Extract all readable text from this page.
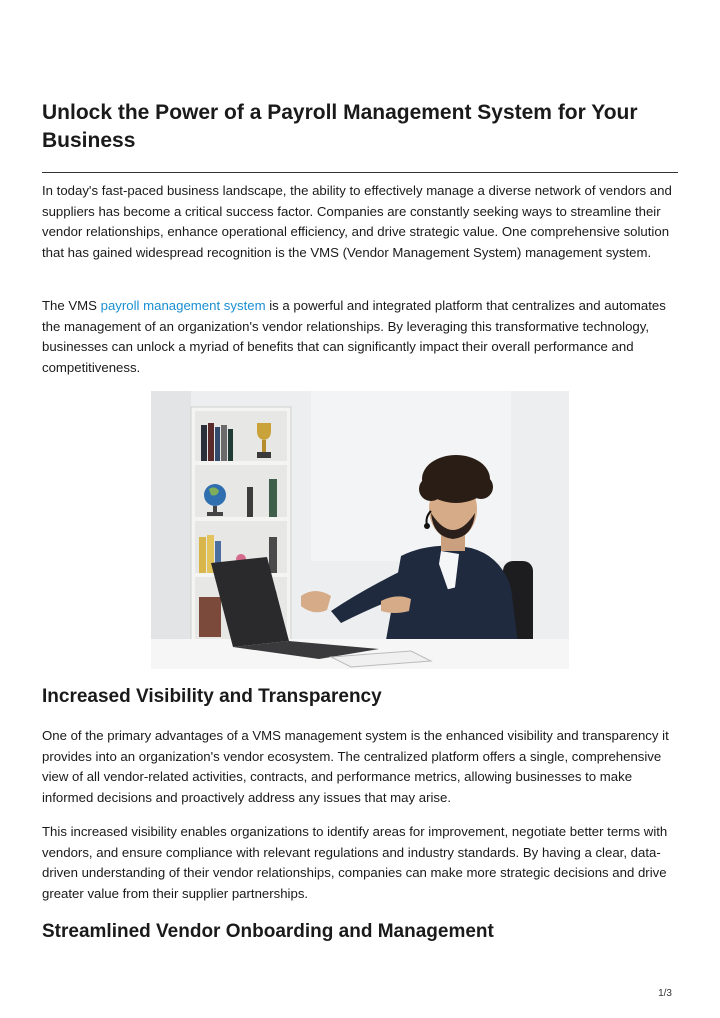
Unlock the Power of a Payroll Management System for Your Business

In today's fast-paced business landscape, the ability to effectively manage a diverse network of vendors and suppliers has become a critical success factor. Companies are constantly seeking ways to streamline their vendor relationships, enhance operational efficiency, and drive strategic value. One comprehensive solution that has gained widespread recognition is the VMS (Vendor Management System) management system.

The VMS payroll management system is a powerful and integrated platform that centralizes and automates the management of an organization's vendor relationships. By leveraging this transformative technology, businesses can unlock a myriad of benefits that can significantly impact their overall performance and competitiveness.

Increased Visibility and Transparency

One of the primary advantages of a VMS management system is the enhanced visibility and transparency it provides into an organization's vendor ecosystem. The centralized platform offers a single, comprehensive view of all vendor-related activities, contracts, and performance metrics, allowing businesses to make informed decisions and proactively address any issues that may arise.

This increased visibility enables organizations to identify areas for improvement, negotiate better terms with vendors, and ensure compliance with relevant regulations and industry standards. By having a clear, data-driven understanding of their vendor relationships, companies can make more strategic decisions and drive greater value from their supplier partnerships.

Streamlined Vendor Onboarding and Management
1/3
